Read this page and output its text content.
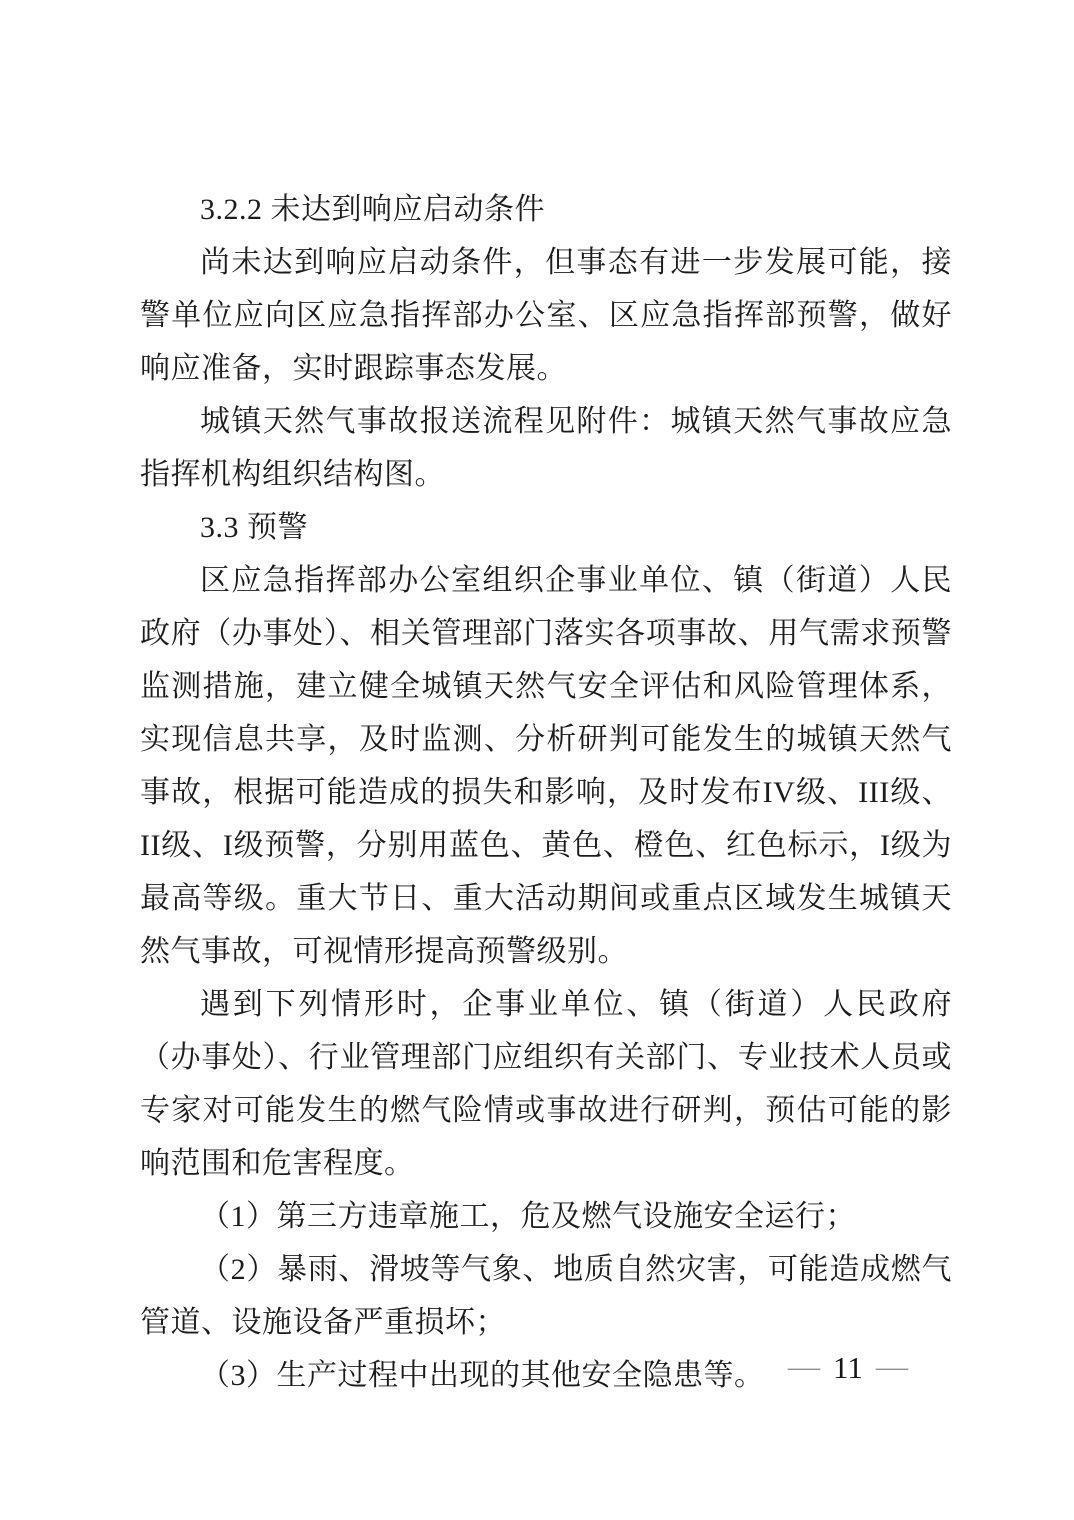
3.2.2 未达到响应启动条件

尚未达到响应启动条件，但事态有进一步发展可能，接警单位应向区应急指挥部办公室、区应急指挥部预警，做好响应准备，实时跟踪事态发展。

城镇天然气事故报送流程见附件：城镇天然气事故应急指挥机构组织结构图。

3.3 预警

区应急指挥部办公室组织企事业单位、镇（街道）人民政府（办事处）、相关管理部门落实各项事故、用气需求预警监测措施，建立健全城镇天然气安全评估和风险管理体系，实现信息共享，及时监测、分析研判可能发生的城镇天然气事故，根据可能造成的损失和影响，及时发布IV级、III级、II级、I级预警，分别用蓝色、黄色、橙色、红色标示，I级为最高等级。重大节日、重大活动期间或重点区域发生城镇天然气事故，可视情形提高预警级别。

遇到下列情形时，企事业单位、镇（街道）人民政府（办事处）、行业管理部门应组织有关部门、专业技术人员或专家对可能发生的燃气险情或事故进行研判，预估可能的影响范围和危害程度。

（1）第三方违章施工，危及燃气设施安全运行；

（2）暴雨、滑坡等气象、地质自然灾害，可能造成燃气管道、设施设备严重损坏；

（3）生产过程中出现的其他安全隐患等。 — 11 —
